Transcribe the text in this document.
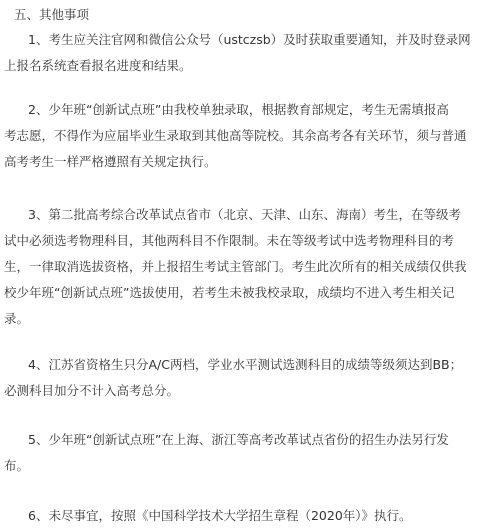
五、其他事项
1、考生应关注官网和微信公众号（ustczsb）及时获取重要通知，并及时登录网
上报名系统查看报名进度和结果。
2、少年班“创新试点班”由我校单独录取，根据教育部规定，考生无需填报高
考志愿，不得作为应届毕业生录取到其他高等院校。其余高考各有关环节，须与普通
高考考生一样严格遵照有关规定执行。
3、第二批高考综合改革试点省市（北京、天津、山东、海南）考生，在等级考
试中必须选考物理科目，其他两科目不作限制。未在等级考试中选考物理科目的考
生，一律取消选拔资格，并上报招生考试主管部门。考生此次所有的相关成绩仅供我
校少年班“创新试点班”选拔使用，若考生未被我校录取，成绩均不进入考生相关记
录。
4、江苏省资格生只分A/C两档，学业水平测试选测科目的成绩等级须达到BB；
必测科目加分不计入高考总分。
5、少年班“创新试点班”在上海、浙江等高考改革试点省份的招生办法另行发
布。
6、未尽事宜，按照《中国科学技术大学招生章程（2020年）》执行。
